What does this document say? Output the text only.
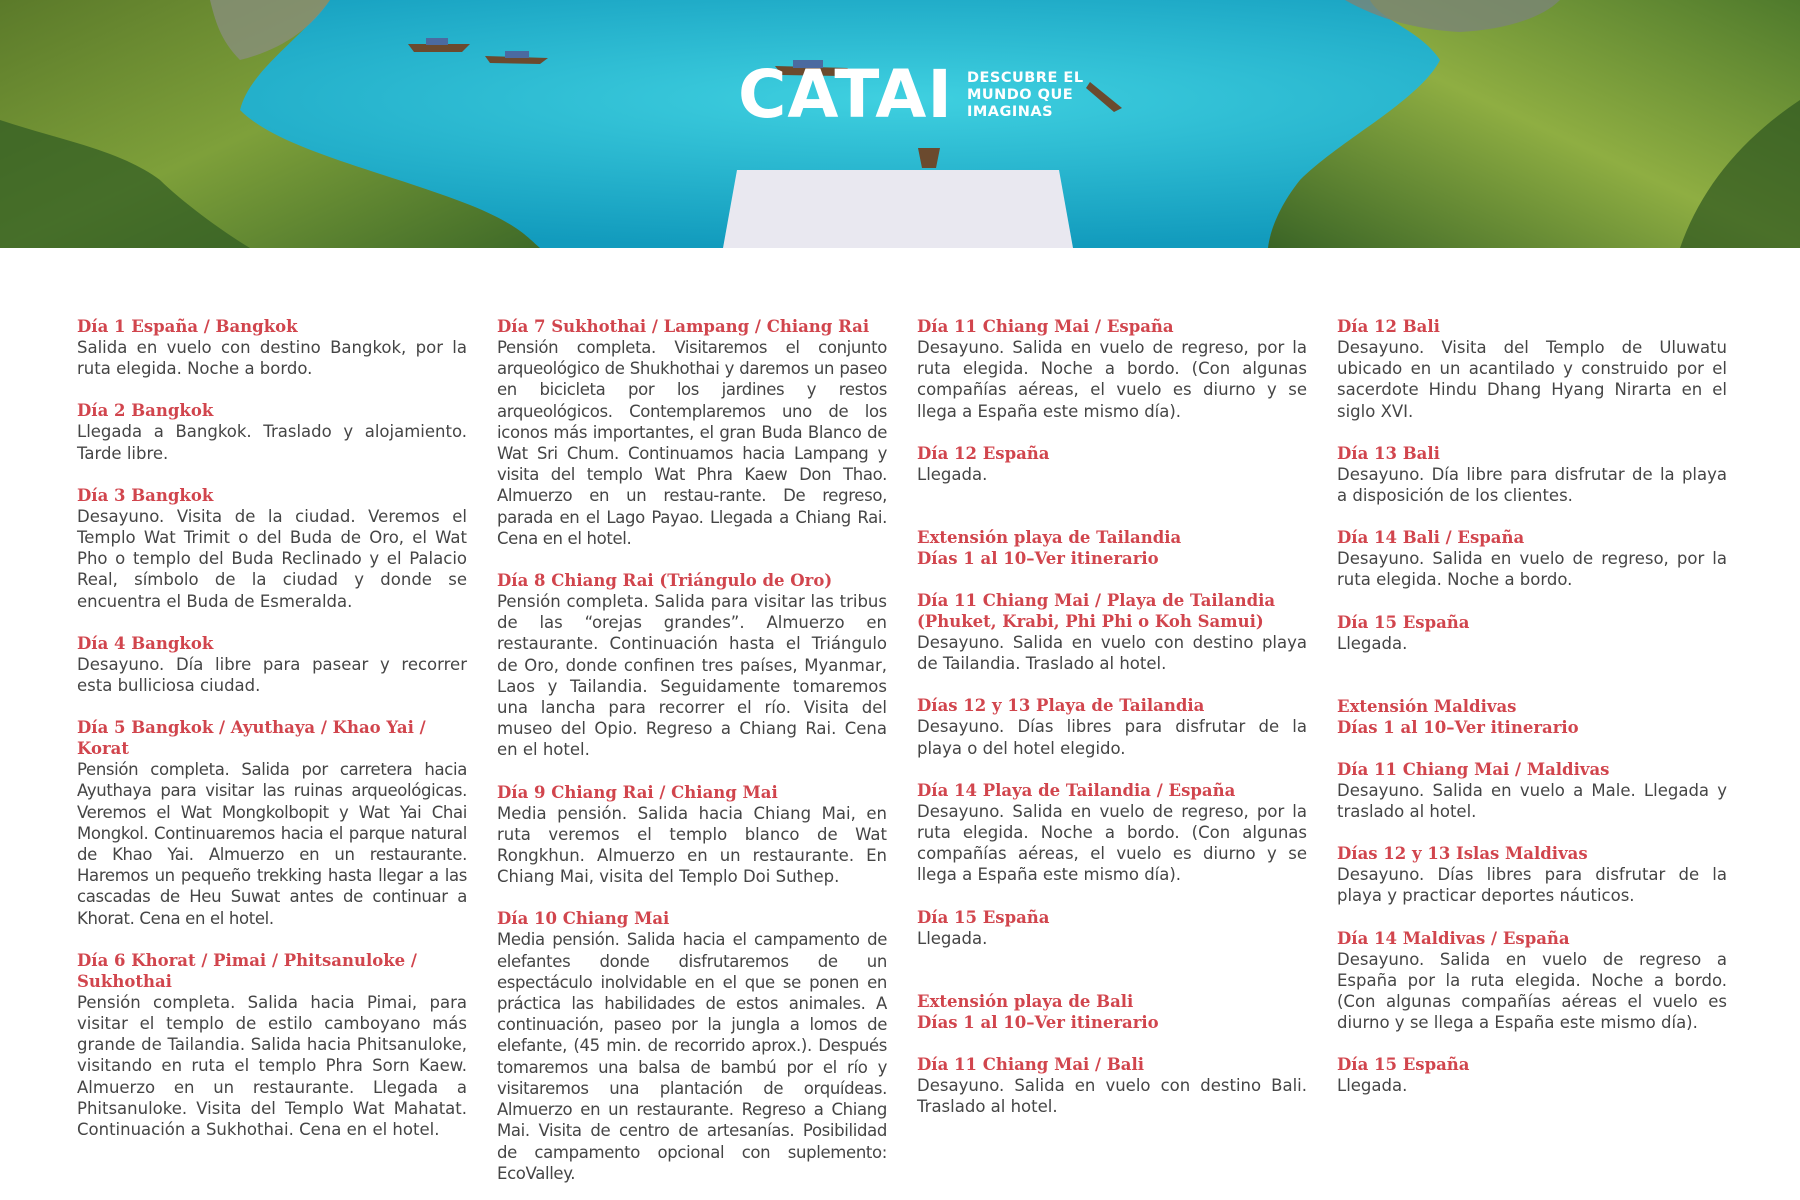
CATAI DESCUBRE EL
MUNDO QUE
IMAGINAS
Día 1 España / Bangkok
Salida en vuelo con destino Bangkok, por la ruta elegida. Noche a bordo.
Día 2 Bangkok
Llegada a Bangkok. Traslado y alojamiento. Tarde libre.
Día 3 Bangkok
Desayuno. Visita de la ciudad. Veremos el Templo Wat Trimit o del Buda de Oro, el Wat Pho o templo del Buda Reclinado y el Palacio Real, símbolo de la ciudad y donde se encuentra el Buda de Esmeralda.
Día 4 Bangkok
Desayuno. Día libre para pasear y recorrer esta bulliciosa ciudad.
Día 5 Bangkok / Ayuthaya / Khao Yai / Korat
Pensión completa. Salida por carretera hacia Ayuthaya para visitar las ruinas arqueológicas. Veremos el Wat Mongkolbopit y Wat Yai Chai Mongkol. Continuaremos hacia el parque natural de Khao Yai. Almuerzo en un restaurante. Haremos un pequeño trekking hasta llegar a las cascadas de Heu Suwat antes de continuar a Khorat. Cena en el hotel.
Día 6 Khorat / Pimai / Phitsanuloke / Sukhothai
Pensión completa. Salida hacia Pimai, para visitar el templo de estilo camboyano más grande de Tailandia. Salida hacia Phitsanuloke, visitando en ruta el templo Phra Sorn Kaew. Almuerzo en un restaurante. Llegada a Phitsanuloke. Visita del Templo Wat Mahatat. Continuación a Sukhothai. Cena en el hotel.
Día 7 Sukhothai / Lampang / Chiang Rai
Pensión completa. Visitaremos el conjunto arqueológico de Shukhothai y daremos un paseo en bicicleta por los jardines y restos arqueológicos. Contemplaremos uno de los iconos más importantes, el gran Buda Blanco de Wat Sri Chum. Continuamos hacia Lampang y visita del templo Wat Phra Kaew Don Thao. Almuerzo en un restau-rante. De regreso, parada en el Lago Payao. Llegada a Chiang Rai. Cena en el hotel.
Día 8 Chiang Rai (Triángulo de Oro)
Pensión completa. Salida para visitar las tribus de las “orejas grandes”. Almuerzo en restaurante. Continuación hasta el Triángulo de Oro, donde confinen tres países, Myanmar, Laos y Tailandia. Seguidamente tomaremos una lancha para recorrer el río. Visita del museo del Opio. Regreso a Chiang Rai. Cena en el hotel.
Día 9 Chiang Rai / Chiang Mai
Media pensión. Salida hacia Chiang Mai, en ruta veremos el templo blanco de Wat Rongkhun. Almuerzo en un restaurante. En Chiang Mai, visita del Templo Doi Suthep.
Día 10 Chiang Mai
Media pensión. Salida hacia el campamento de elefantes donde disfrutaremos de un espectáculo inolvidable en el que se ponen en práctica las habilidades de estos animales. A continuación, paseo por la jungla a lomos de elefante, (45 min. de recorrido aprox.). Después tomaremos una balsa de bambú por el río y visitaremos una plantación de orquídeas. Almuerzo en un restaurante. Regreso a Chiang Mai. Visita de centro de artesanías. Posibilidad de campamento opcional con suplemento: EcoValley.
Día 11 Chiang Mai / España
Desayuno. Salida en vuelo de regreso, por la ruta elegida. Noche a bordo. (Con algunas compañías aéreas, el vuelo es diurno y se llega a España este mismo día).
Día 12 España
Llegada.
Extensión playa de Tailandia
Días 1 al 10–Ver itinerario
Día 11 Chiang Mai / Playa de Tailandia (Phuket, Krabi, Phi Phi o Koh Samui)
Desayuno. Salida en vuelo con destino playa de Tailandia. Traslado al hotel.
Días 12 y 13 Playa de Tailandia
Desayuno. Días libres para disfrutar de la playa o del hotel elegido.
Día 14 Playa de Tailandia / España
Desayuno. Salida en vuelo de regreso, por la ruta elegida. Noche a bordo. (Con algunas compañías aéreas, el vuelo es diurno y se llega a España este mismo día).
Día 15 España
Llegada.
Extensión playa de Bali
Días 1 al 10–Ver itinerario
Día 11 Chiang Mai / Bali
Desayuno. Salida en vuelo con destino Bali. Traslado al hotel.
Día 12 Bali
Desayuno. Visita del Templo de Uluwatu ubicado en un acantilado y construido por el sacerdote Hindu Dhang Hyang Nirarta en el siglo XVI.
Día 13 Bali
Desayuno. Día libre para disfrutar de la playa a disposición de los clientes.
Día 14 Bali / España
Desayuno. Salida en vuelo de regreso, por la ruta elegida. Noche a bordo.
Día 15 España
Llegada.
Extensión Maldivas
Días 1 al 10–Ver itinerario
Día 11 Chiang Mai / Maldivas
Desayuno. Salida en vuelo a Male. Llegada y traslado al hotel.
Días 12 y 13 Islas Maldivas
Desayuno. Días libres para disfrutar de la playa y practicar deportes náuticos.
Día 14 Maldivas / España
Desayuno. Salida en vuelo de regreso a España por la ruta elegida. Noche a bordo. (Con algunas compañías aéreas el vuelo es diurno y se llega a España este mismo día).
Día 15 España
Llegada.
